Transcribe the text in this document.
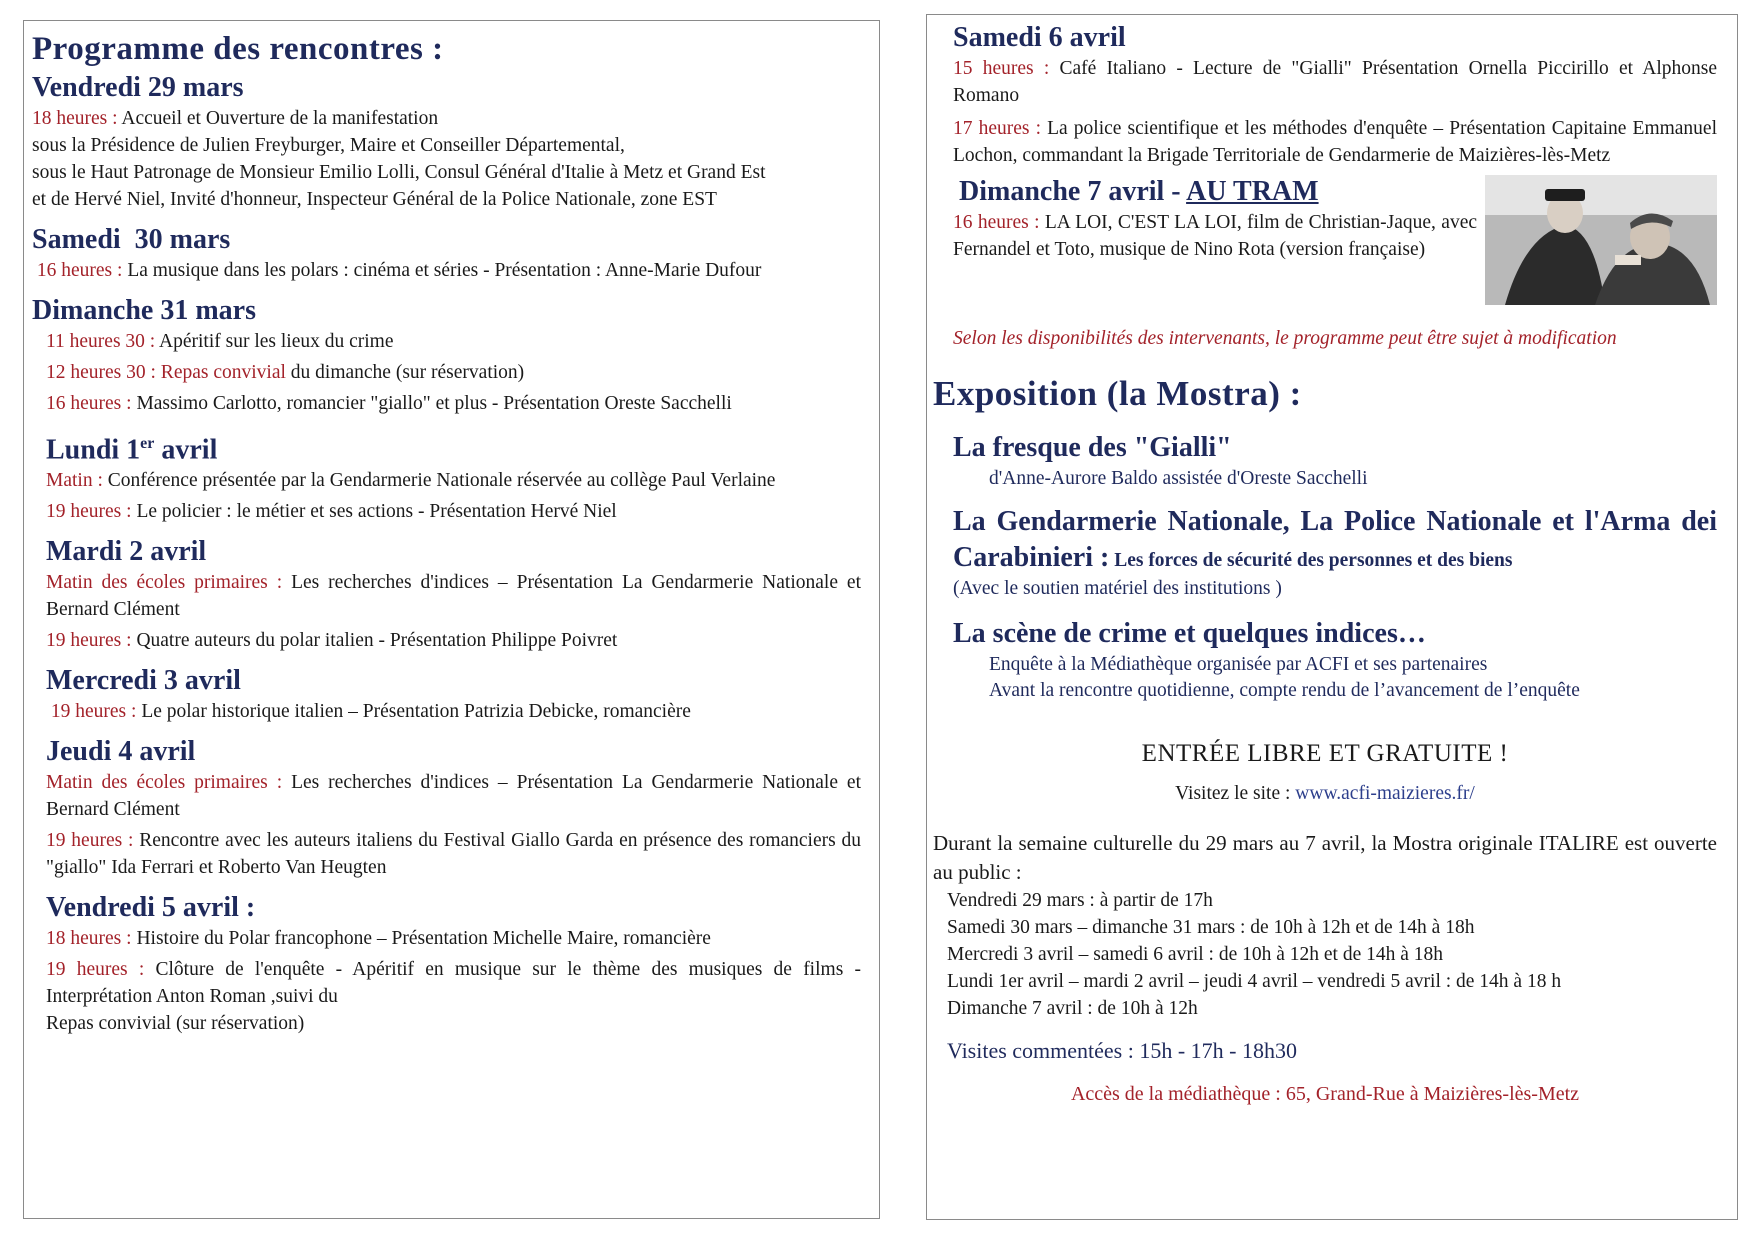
Programme des rencontres :
Vendredi 29 mars

18 heures : Accueil et Ouverture de la manifestation

sous la Présidence de Julien Freyburger, Maire et Conseiller Départemental,

sous le Haut Patronage de Monsieur Emilio Lolli, Consul Général d'Italie à Metz et Grand Est

et de Hervé Niel, Invité d'honneur, Inspecteur Général de la Police Nationale, zone EST

Samedi  30 mars

16 heures : La musique dans les polars : cinéma et séries - Présentation : Anne-Marie Dufour

Dimanche 31 mars

11 heures 30 : Apéritif sur les lieux du crime

12 heures 30 : Repas convivial du dimanche (sur réservation)

16 heures : Massimo Carlotto, romancier "giallo" et plus - Présentation Oreste Sacchelli

Lundi 1er avril

Matin : Conférence présentée par la Gendarmerie Nationale réservée au collège Paul Verlaine

19 heures : Le policier : le métier et ses actions - Présentation Hervé Niel

Mardi 2 avril

Matin des écoles primaires : Les recherches d'indices – Présentation La Gendarmerie Nationale et Bernard Clément

19 heures : Quatre auteurs du polar italien - Présentation Philippe Poivret

Mercredi 3 avril

19 heures : Le polar historique italien – Présentation Patrizia Debicke, romancière

Jeudi 4 avril

Matin des écoles primaires : Les recherches d'indices – Présentation La Gendarmerie Nationale et Bernard Clément

19 heures : Rencontre avec les auteurs italiens du Festival Giallo Garda en présence des romanciers du "giallo" Ida Ferrari et Roberto Van Heugten

Vendredi 5 avril :

18 heures : Histoire du Polar francophone – Présentation Michelle Maire, romancière

19 heures : Clôture de l'enquête - Apéritif en musique sur le thème des musiques de films - Interprétation Anton Roman ,suivi du

Repas convivial (sur réservation)

Samedi 6 avril

15 heures : Café Italiano - Lecture de "Gialli" Présentation Ornella Piccirillo et Alphonse Romano

17 heures : La police scientifique et les méthodes d'enquête – Présentation Capitaine Emmanuel Lochon, commandant la Brigade Territoriale de Gendarmerie de Maizières-lès-Metz

Dimanche 7 avril - AU TRAM

16 heures : LA LOI, C'EST LA LOI, film de Christian-Jaque, avec Fernandel et Toto, musique de Nino Rota (version française)

Selon les disponibilités des intervenants, le programme peut être sujet à modification

Exposition (la Mostra) :
La fresque des "Gialli"

d'Anne-Aurore Baldo assistée d'Oreste Sacchelli

La Gendarmerie Nationale, La Police Nationale et l'Arma dei Carabinieri : Les forces de sécurité des personnes et des biens

(Avec le soutien matériel des institutions )

La scène de crime et quelques indices…

Enquête à la Médiathèque organisée par ACFI et ses partenaires

Avant la rencontre quotidienne, compte rendu de l’avancement de l’enquête

ENTRÉE LIBRE ET GRATUITE !

Visitez le site : www.acfi-maizieres.fr/

Durant la semaine culturelle du 29 mars au 7 avril, la Mostra originale ITALIRE est ouverte au public :

Vendredi 29 mars : à partir de 17h

Samedi 30 mars – dimanche 31 mars : de 10h à 12h et de 14h à 18h

Mercredi 3 avril – samedi 6 avril : de 10h à 12h et de 14h à 18h

Lundi 1er avril – mardi 2 avril – jeudi 4 avril – vendredi 5 avril : de 14h à 18 h

Dimanche 7 avril : de 10h à 12h

Visites commentées : 15h - 17h - 18h30

Accès de la médiathèque : 65, Grand-Rue à Maizières-lès-Metz
